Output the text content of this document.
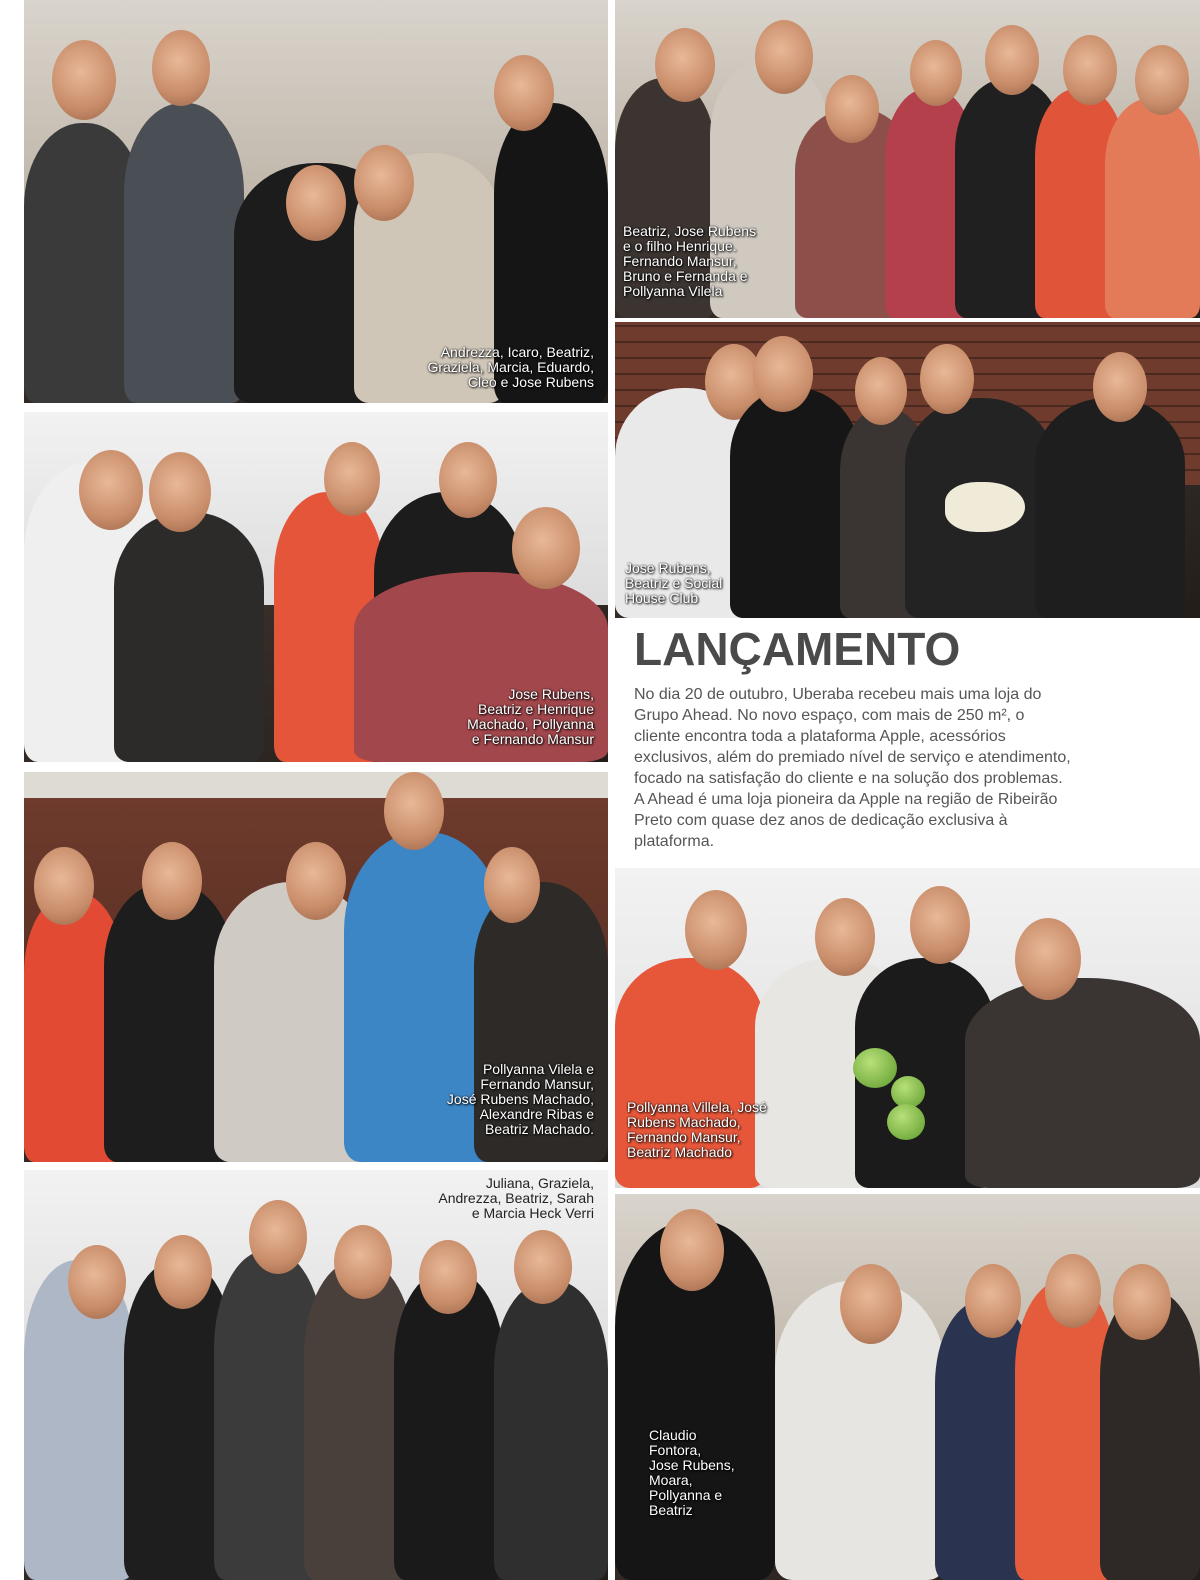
Andrezza, Icaro, Beatriz,
Graziela, Marcia, Eduardo,
Cleo e Jose Rubens
Beatriz, Jose Rubens
e o filho Henrique.
Fernando Mansur,
Bruno e Fernanda e
Pollyanna Vilela
Jose Rubens,
Beatriz e Henrique
Machado, Pollyanna
e Fernando Mansur
Jose Rubens,
Beatriz e Social
House Club
LANÇAMENTO

No dia 20 de outubro, Uberaba recebeu mais uma loja do Grupo Ahead. No novo espaço, com mais de 250 m², o cliente encontra toda a plataforma Apple, acessórios exclusivos, além do premiado nível de serviço e atendimento, focado na satisfação do cliente e na solução dos problemas. A Ahead é uma loja pioneira da Apple na região de Ribeirão Preto com quase dez anos de dedicação exclusiva à plataforma.

Pollyanna Vilela e
Fernando Mansur,
José Rubens Machado,
Alexandre Ribas e
Beatriz Machado.
Pollyanna Villela, José
Rubens Machado,
Fernando Mansur,
Beatriz Machado
Juliana, Graziela,
Andrezza, Beatriz, Sarah
e Marcia Heck Verri
Claudio
Fontora,
Jose Rubens,
Moara,
Pollyanna e
Beatriz
